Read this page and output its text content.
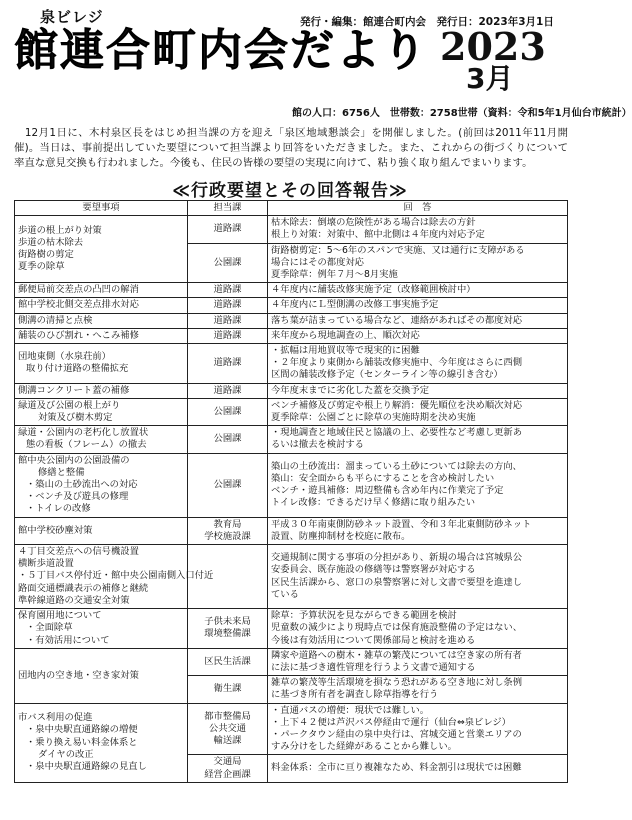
泉ビレジ
館連合町内会だより
発行・編集：館連合町内会　発行日：2023年3月1日
2023
3月
館の人口：6756人　世帯数：2758世帯（資料：令和5年1月仙台市統計）
　12月1日に、木村泉区長をはじめ担当課の方を迎え「泉区地域懇談会」を開催しました。(前回は2011年11月開催)。当日は、事前提出していた要望について担当課より回答をいただきました。また、これからの街づくりについて率直な意見交換も行われました。今後も、住民の皆様の要望の実現に向けて、粘り強く取り組んでまいります。
≪行政要望とその回答報告≫
要望事項	担当課	回　答

歩道の根上がり対策
歩道の枯木除去
街路樹の剪定
夏季の除草	道路課	枯木除去：倒壊の危険性がある場合は除去の方針
根上り対策：対策中、館中北側は４年度内対応予定

	公園課	街路樹剪定：5～6年のスパンで実施、又は通行に支障がある
場合にはその都度対応
夏季除草：例年７月～8月実施

郵便局前交差点の凸凹の解消	道路課	４年度内に舗装改修実施予定（改修範囲検討中）
館中学校北側交差点排水対応	道路課	４年度内にＬ型側溝の改修工事実施予定
側溝の清掃と点検	道路課	落ち葉が詰まっている場合など、連絡があればその都度対応
舗装のひび割れ・へこみ補修	道路課	来年度から現地調査の上、順次対応

団地東側（水泉荘前）
取り付け道路の整備拡充	道路課	・拡幅は用地買収等で現実的に困難
・２年度より東側から舗装改修実施中、今年度はさらに西側
区間の舗装改修予定（センターライン等の線引き含む）

側溝コンクリート蓋の補修	道路課	今年度末までに劣化した蓋を交換予定

緑道及び公園の根上がり
対策及び樹木剪定	公園課	ベンチ補修及び剪定や根上り解消：優先順位を決め順次対応
夏季除草：公園ごとに除草の実施時期を決め実施

緑道・公園内の老朽化し放置状
態の看板（フレーム）の撤去	公園課	・現地調査と地域住民と協議の上、必要性など考慮し更新あ
るいは撤去を検討する

館中央公園内の公園設備の
修繕と整備
・築山の土砂流出への対応
・ベンチ及び遊具の修理
・トイレの改修	公園課	築山の土砂流出：溜まっている土砂については除去の方向、
築山：安全面からも平らにすることを含め検討したい
ベンチ・遊具補修：周辺整備も含め年内に作業完了予定
トイレ改修：できるだけ早く修繕に取り組みたい

館中学校砂塵対策	教育局
学校施設課	平成３０年南東側防砂ネット設置、令和３年北東側防砂ネット
設置、防塵抑制材を校庭に散布。

４丁目交差点への信号機設置
横断歩道設置
・５丁目バス停付近・館中央公園南側入口付近
路面交通標識表示の補修と継続
準幹線道路の交通安全対策		交通規制に関する事項の分担があり、新規の場合は宮城県公
安委員会、既存施設の修繕等は警察署が対応する
区民生活課から、窓口の泉警察署に対し文書で要望を進達し
ている

保育園用地について
・全面除草
・有効活用について	子供未来局
環境整備課	除草：予算状況を見ながらできる範囲を検討
児童数の減少により現時点では保育施設整備の予定はない、
今後は有効活用について関係部局と検討を進める

団地内の空き地・空き家対策	区民生活課	隣家や道路への樹木・雑草の繁茂については空き家の所有者
に法に基づき適性管理を行うよう文書で通知する

	衛生課	雑草の繁茂等生活環境を損なう恐れがある空き地に対し条例
に基づき所有者を調査し除草指導を行う

市バス利用の促進
・泉中央駅直通路線の増便
・乗り換え易い料金体系と
ダイヤの改正
・泉中央駅直通路線の見直し	都市整備局
公共交通
輸送課	・直通バスの増便：現状では難しい。
・上下４２便は芦沢バス停経由で運行（仙台⇔泉ビレジ）
・パークタウン経由の泉中央行は、宮城交通と営業エリアの
すみ分けをした経緯があることから難しい。

	交通局
経営企画課	料金体系：全市に亘り複雑なため、料金割引は現状では困難
